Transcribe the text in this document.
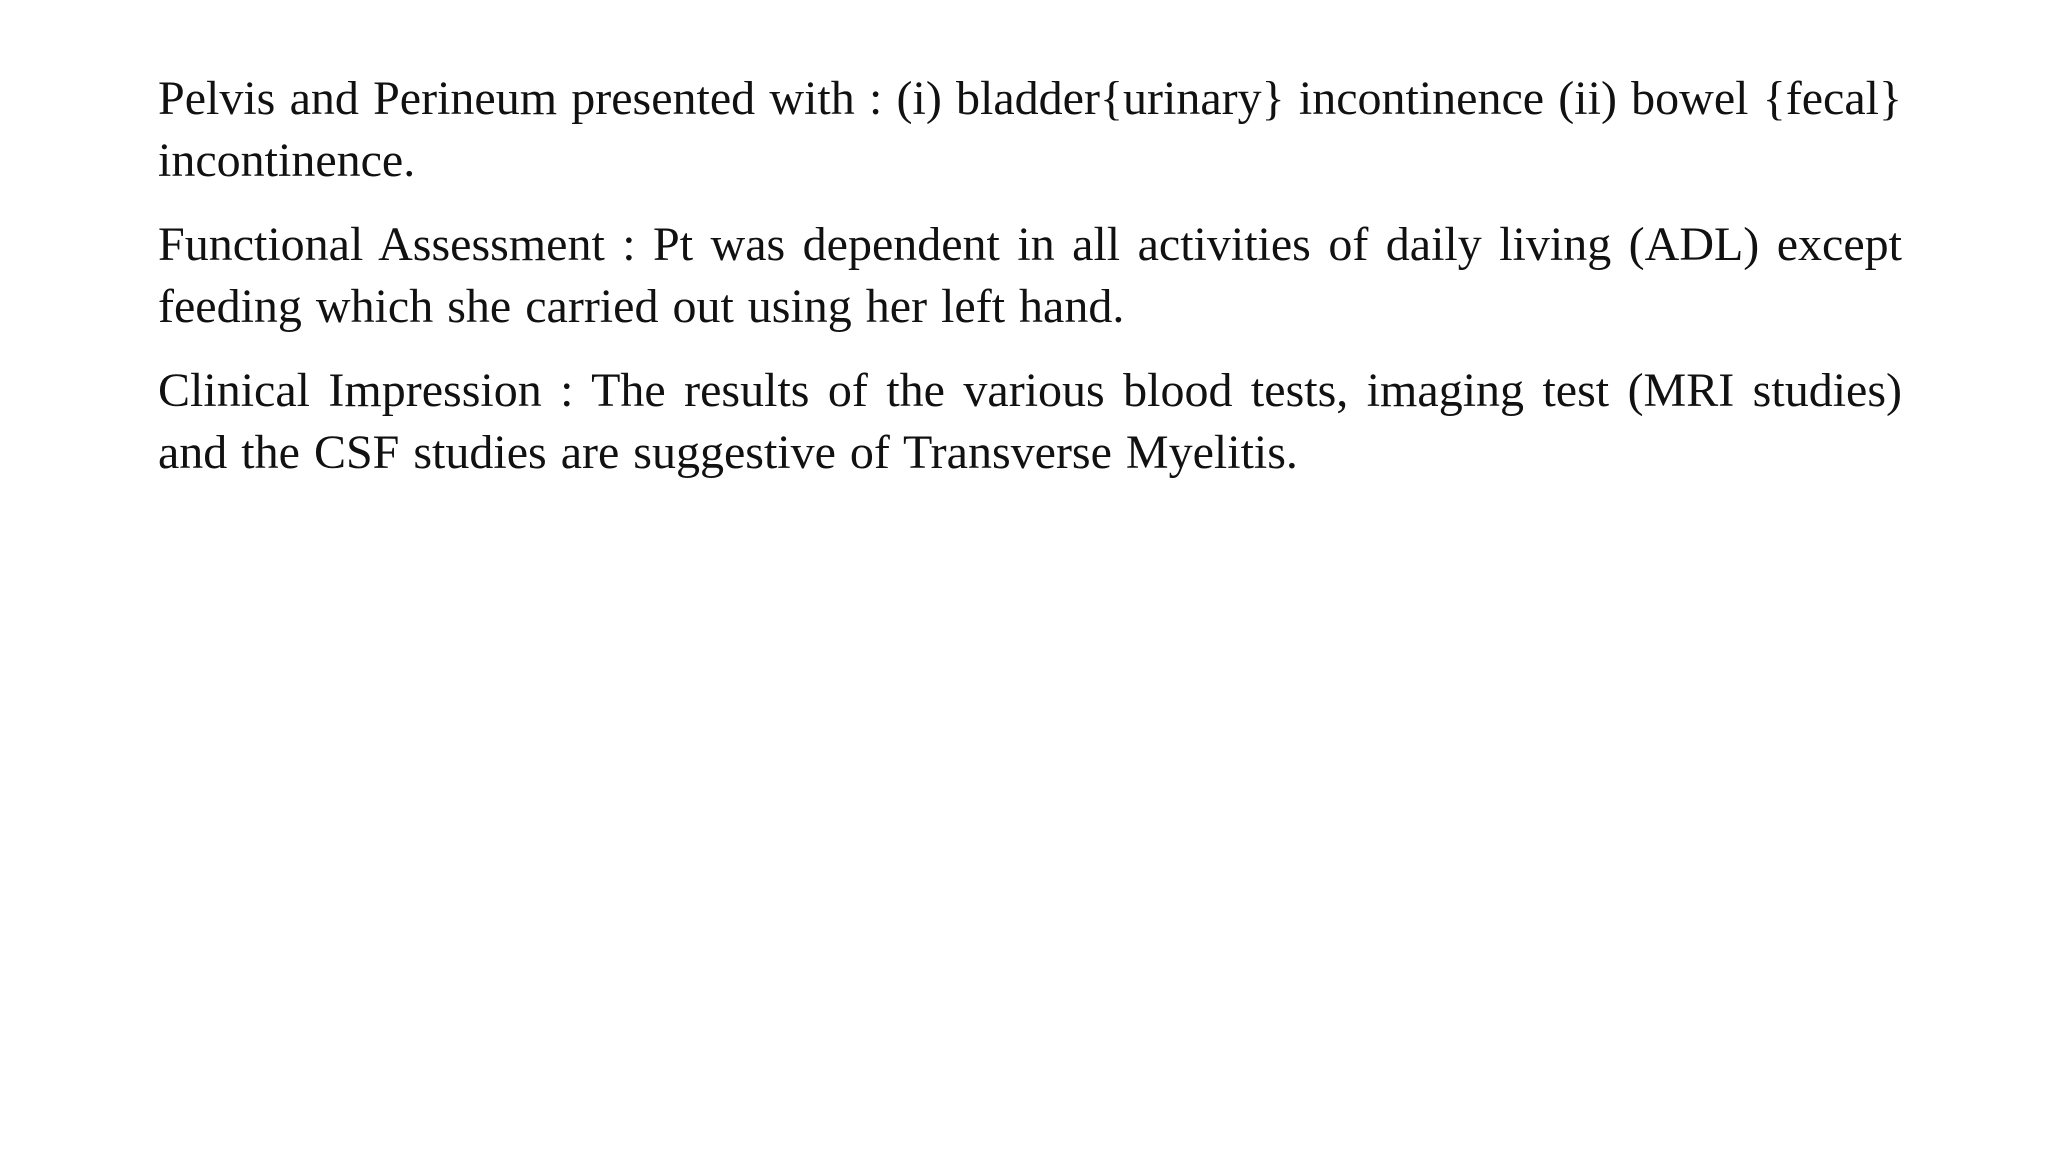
Pelvis and Perineum presented with : (i) bladder{urinary} incontinence (ii) bowel {fecal} incontinence.

Functional Assessment : Pt was dependent in all activities of daily living (ADL) except feeding which she carried out using her left hand.

Clinical Impression : The results of the various blood tests, imaging test (MRI studies) and the CSF studies are suggestive of Transverse Myelitis.
